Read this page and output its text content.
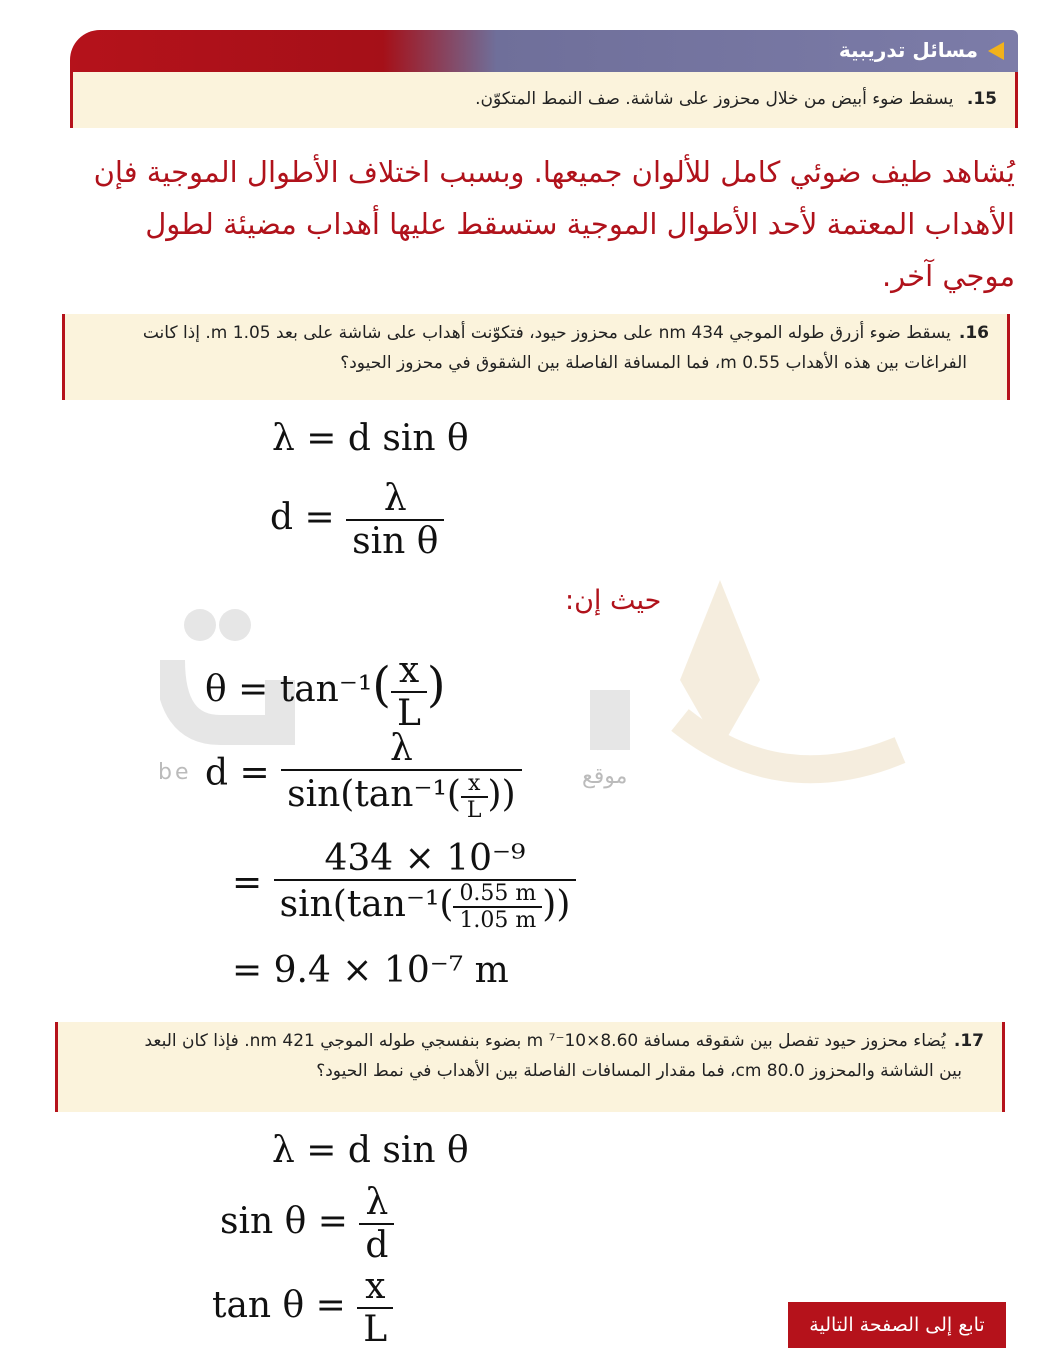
مسائل تدريبية
15. يسقط ضوء أبيض من خلال محزوز على شاشة. صف النمط المتكوّن.
يُشاهد طيف ضوئي كامل للألوان جميعها. وبسبب اختلاف الأطوال الموجية فإن الأهداب المعتمة لأحد الأطوال الموجية ستسقط عليها أهداب مضيئة لطول موجي آخر.
16.يسقط ضوء أزرق طوله الموجي 434 nm على محزوز حيود، فتكوّنت أهداب على شاشة على بعد 1.05 m. إذا كانت
الفراغات بين هذه الأهداب 0.55 m، فما المسافة الفاصلة بين الشقوق في محزوز الحيود؟
be	موقع
λ = d sin θ
$d = \frac{\lambda}{\text{sin θ}}$
حيث إن:
$\theta = \tan^{-1}( \frac{x}{L}$ )
$d = \frac{\lambda}{\sin(\tan^{-1}( \frac{x}{L} ))}$
= $\frac{\text{434 × 10⁻⁹}}{\sin(\tan^{-1}( \frac{0.55 m}{1.05 m} ))}$
= 9.4 × 10⁻⁷ m
17.يُضاء محزوز حيود تفصل بين شقوقه مسافة 8.60×10⁻⁷ m بضوء بنفسجي طوله الموجي 421 nm. فإذا كان البعد
بين الشاشة والمحزوز 80.0 cm، فما مقدار المسافات الفاصلة بين الأهداب في نمط الحيود؟
λ = d sin θ
$\sin \theta = \frac{\lambda}{d}$
$\tan \theta = \frac{x}{L}$	تابع إلى الصفحة التالية
